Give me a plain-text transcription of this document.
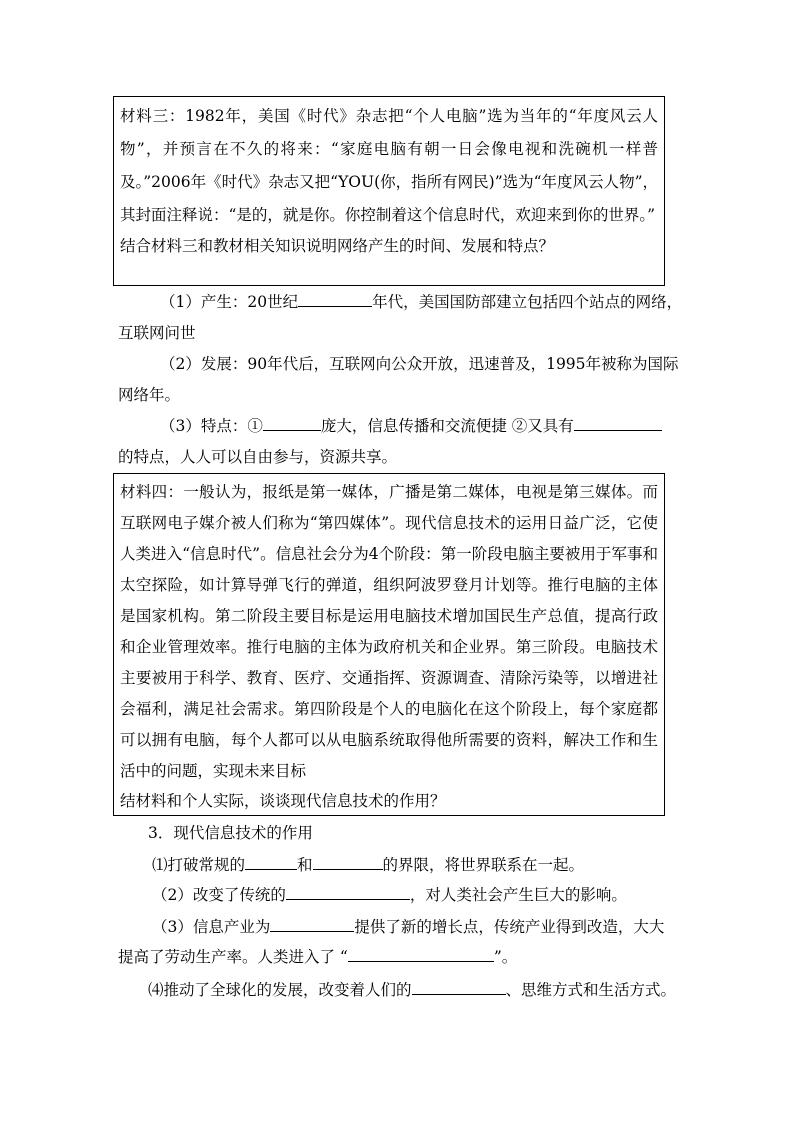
材料三：1982年，美国《时代》杂志把“个人电脑”选为当年的“年度风云人物”，并预言在不久的将来：“家庭电脑有朝一日会像电视和洗碗机一样普及。”2006年《时代》杂志又把“YOU(你，指所有网民)”选为“年度风云人物”，其封面注释说：“是的，就是你。你控制着这个信息时代，欢迎来到你的世界。”
结合材料三和教材相关知识说明网络产生的时间、发展和特点？
（1）产生：20世纪	年代，美国国防部建立包括四个站点的网络，
互联网问世
（2）发展：90年代后，互联网向公众开放，迅速普及，1995年被称为国际
网络年。
（3）特点：①	庞大，信息传播和交流便捷 ②又具有
的特点，人人可以自由参与，资源共享。
材料四：一般认为，报纸是第一媒体，广播是第二媒体，电视是第三媒体。而互联网电子媒介被人们称为“第四媒体”。现代信息技术的运用日益广泛，它使人类进入“信息时代”。信息社会分为4个阶段：第一阶段电脑主要被用于军事和太空探险，如计算导弹飞行的弹道，组织阿波罗登月计划等。推行电脑的主体是国家机构。第二阶段主要目标是运用电脑技术增加国民生产总值，提高行政和企业管理效率。推行电脑的主体为政府机关和企业界。第三阶段。电脑技术主要被用于科学、教育、医疗、交通指挥、资源调查、清除污染等，以增进社会福利，满足社会需求。第四阶段是个人的电脑化在这个阶段上，每个家庭都可以拥有电脑，每个人都可以从电脑系统取得他所需要的资料，解决工作和生活中的问题，实现未来目标
结材料和个人实际，谈谈现代信息技术的作用？
3．现代信息技术的作用
⑴打破常规的	和	的界限，将世界联系在一起。
（2）改变了传统的	，对人类社会产生巨大的影响。
（3）信息产业为	提供了新的增长点，传统产业得到改造，大大
提高了劳动生产率。人类进入了 “	”。
⑷推动了全球化的发展，改变着人们的	、思维方式和生活方式。
